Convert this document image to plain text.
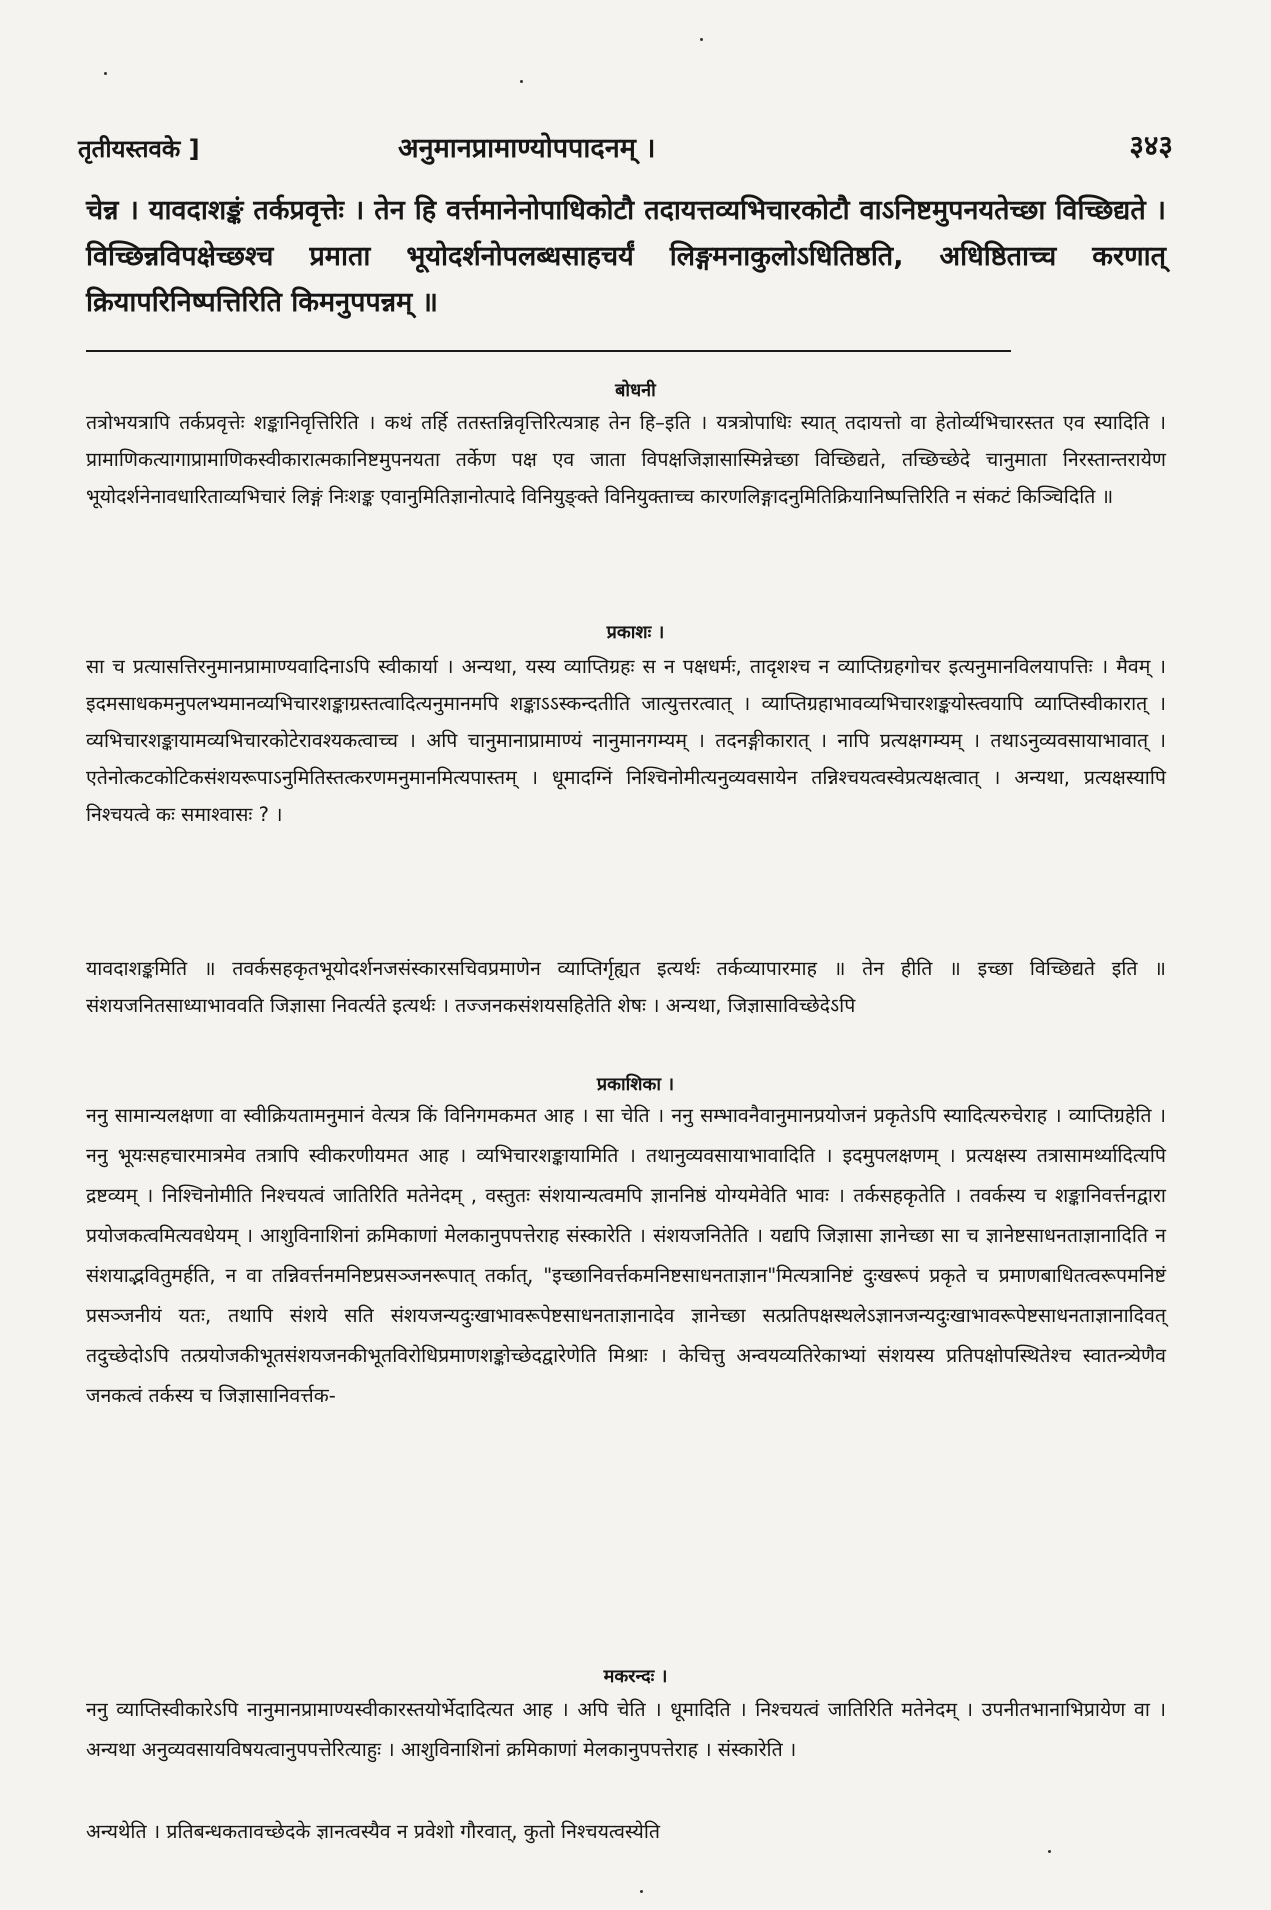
तृतीयस्तवके ]	अनुमानप्रामाण्योपपादनम् ।	३४३
चेन्न । यावदाशङ्कं तर्कप्रवृत्तेः । तेन हि वर्त्तमानेनोपाधिकोटौ तदायत्तव्यभिचारकोटौ वाऽनिष्टमुपनयतेच्छा विच्छिद्यते । विच्छिन्नविपक्षेच्छश्च प्रमाता भूयोदर्शनोपलब्धसाहचर्यं लिङ्गमनाकुलोऽधितिष्ठति, अधिष्ठिताच्च करणात् क्रियापरिनिष्पत्तिरिति किमनुपपन्नम् ॥
बोधनी
तत्रोभयत्रापि तर्कप्रवृत्तेः शङ्कानिवृत्तिरिति । कथं तर्हि ततस्तन्निवृत्तिरित्यत्राह तेन हि–इति । यत्रत्रोपाधिः स्यात् तदायत्तो वा हेतोर्व्यभिचारस्तत एव स्यादिति । प्रामाणिकत्यागाप्रामाणिकस्वीकारात्मकानिष्टमुपनयता तर्केण पक्ष एव जाता विपक्षजिज्ञासास्मिन्नेच्छा विच्छिद्यते, तच्छिच्छेदे चानुमाता निरस्तान्तरायेण भूयोदर्शनेनावधारिताव्यभिचारं लिङ्गं निःशङ्क एवानुमितिज्ञानोत्पादे विनियुङ्क्ते विनियुक्ताच्च कारणलिङ्गादनुमितिक्रियानिष्पत्तिरिति न संकटं किञ्चिदिति ॥
प्रकाशः ।
सा च प्रत्यासत्तिरनुमानप्रामाण्यवादिनाऽपि स्वीकार्या । अन्यथा, यस्य व्याप्तिग्रहः स न पक्षधर्मः, तादृशश्च न व्याप्तिग्रहगोचर इत्यनुमानविलयापत्तिः । मैवम् । इदमसाधकमनुपलभ्यमानव्यभिचारशङ्काग्रस्तत्वादित्यनुमानमपि शङ्काऽऽस्कन्दतीति जात्युत्तरत्वात् । व्याप्तिग्रहाभावव्यभिचारशङ्कयोस्त्वयापि व्याप्तिस्वीकारात् । व्यभिचारशङ्कायामव्यभिचारकोटेरावश्यकत्वाच्च । अपि चानुमानाप्रामाण्यं नानुमानगम्यम् । तदनङ्गीकारात् । नापि प्रत्यक्षगम्यम् । तथाऽनुव्यवसायाभावात् । एतेनोत्कटकोटिकसंशयरूपाऽनुमितिस्तत्करणमनुमानमित्यपास्तम् । धूमादग्निं निश्चिनोमीत्यनुव्यवसायेन तन्निश्चयत्वस्वेप्रत्यक्षत्वात् । अन्यथा, प्रत्यक्षस्यापि निश्चयत्वे कः समाश्वासः ? ।
यावदाशङ्कमिति ॥ तवर्कसहकृतभूयोदर्शनजसंस्कारसचिवप्रमाणेन व्याप्तिर्गृह्यत इत्यर्थः तर्कव्यापारमाह ॥ तेन हीति ॥ इच्छा विच्छिद्यते इति ॥ संशयजनितसाध्याभाववति जिज्ञासा निवर्त्यते इत्यर्थः । तज्जनकसंशयसहितेति शेषः । अन्यथा, जिज्ञासाविच्छेदेऽपि
प्रकाशिका ।
ननु सामान्यलक्षणा वा स्वीक्रियतामनुमानं वेत्यत्र किं विनिगमकमत आह । सा चेति । ननु सम्भावनैवानुमानप्रयोजनं प्रकृतेऽपि स्यादित्यरुचेराह । व्याप्तिग्रहेति । ननु भूयःसहचारमात्रमेव तत्रापि स्वीकरणीयमत आह । व्यभिचारशङ्कायामिति । तथानुव्यवसायाभावादिति । इदमुपलक्षणम् । प्रत्यक्षस्य तत्रासामर्थ्यादित्यपि द्रष्टव्यम् । निश्चिनोमीति निश्चयत्वं जातिरिति मतेनेदम् , वस्तुतः संशयान्यत्वमपि ज्ञाननिष्ठं योग्यमेवेति भावः । तर्कसहकृतेति । तवर्कस्य च शङ्कानिवर्त्तनद्वारा प्रयोजकत्वमित्यवधेयम् । आशुविनाशिनां क्रमिकाणां मेलकानुपपत्तेराह संस्कारेति । संशयजनितेति । यद्यपि जिज्ञासा ज्ञानेच्छा सा च ज्ञानेष्टसाधनताज्ञानादिति न संशयाद्भवितुमर्हति, न वा तन्निवर्त्तनमनिष्टप्रसञ्जनरूपात् तर्कात्, "इच्छानिवर्त्तकमनिष्टसाधनताज्ञान"मित्यत्रानिष्टं दुःखरूपं प्रकृते च प्रमाणबाधितत्वरूपमनिष्टं प्रसञ्जनीयं यतः, तथापि संशये सति संशयजन्यदुःखाभावरूपेष्टसाधनताज्ञानादेव ज्ञानेच्छा सत्प्रतिपक्षस्थलेऽज्ञानजन्यदुःखाभावरूपेष्टसाधनताज्ञानादिवत् तदुच्छेदोऽपि तत्प्रयोजकीभूतसंशयजनकीभूतविरोधिप्रमाणशङ्कोच्छेदद्वारेणेति मिश्राः । केचित्तु अन्वयव्यतिरेकाभ्यां संशयस्य प्रतिपक्षोपस्थितेश्च स्वातन्त्र्येणैव जनकत्वं तर्कस्य च जिज्ञासानिवर्त्तक-
मकरन्दः ।
ननु व्याप्तिस्वीकारेऽपि नानुमानप्रामाण्यस्वीकारस्तयोर्भेदादित्यत आह । अपि चेति । धूमादिति । निश्चयत्वं जातिरिति मतेनेदम् । उपनीतभानाभिप्रायेण वा । अन्यथा अनुव्यवसायविषयत्वानुपपत्तेरित्याहुः । आशुविनाशिनां क्रमिकाणां मेलकानुपपत्तेराह । संस्कारेति ।
अन्यथेति । प्रतिबन्धकतावच्छेदके ज्ञानत्वस्यैव न प्रवेशो गौरवात्, कुतो निश्चयत्वस्येति
